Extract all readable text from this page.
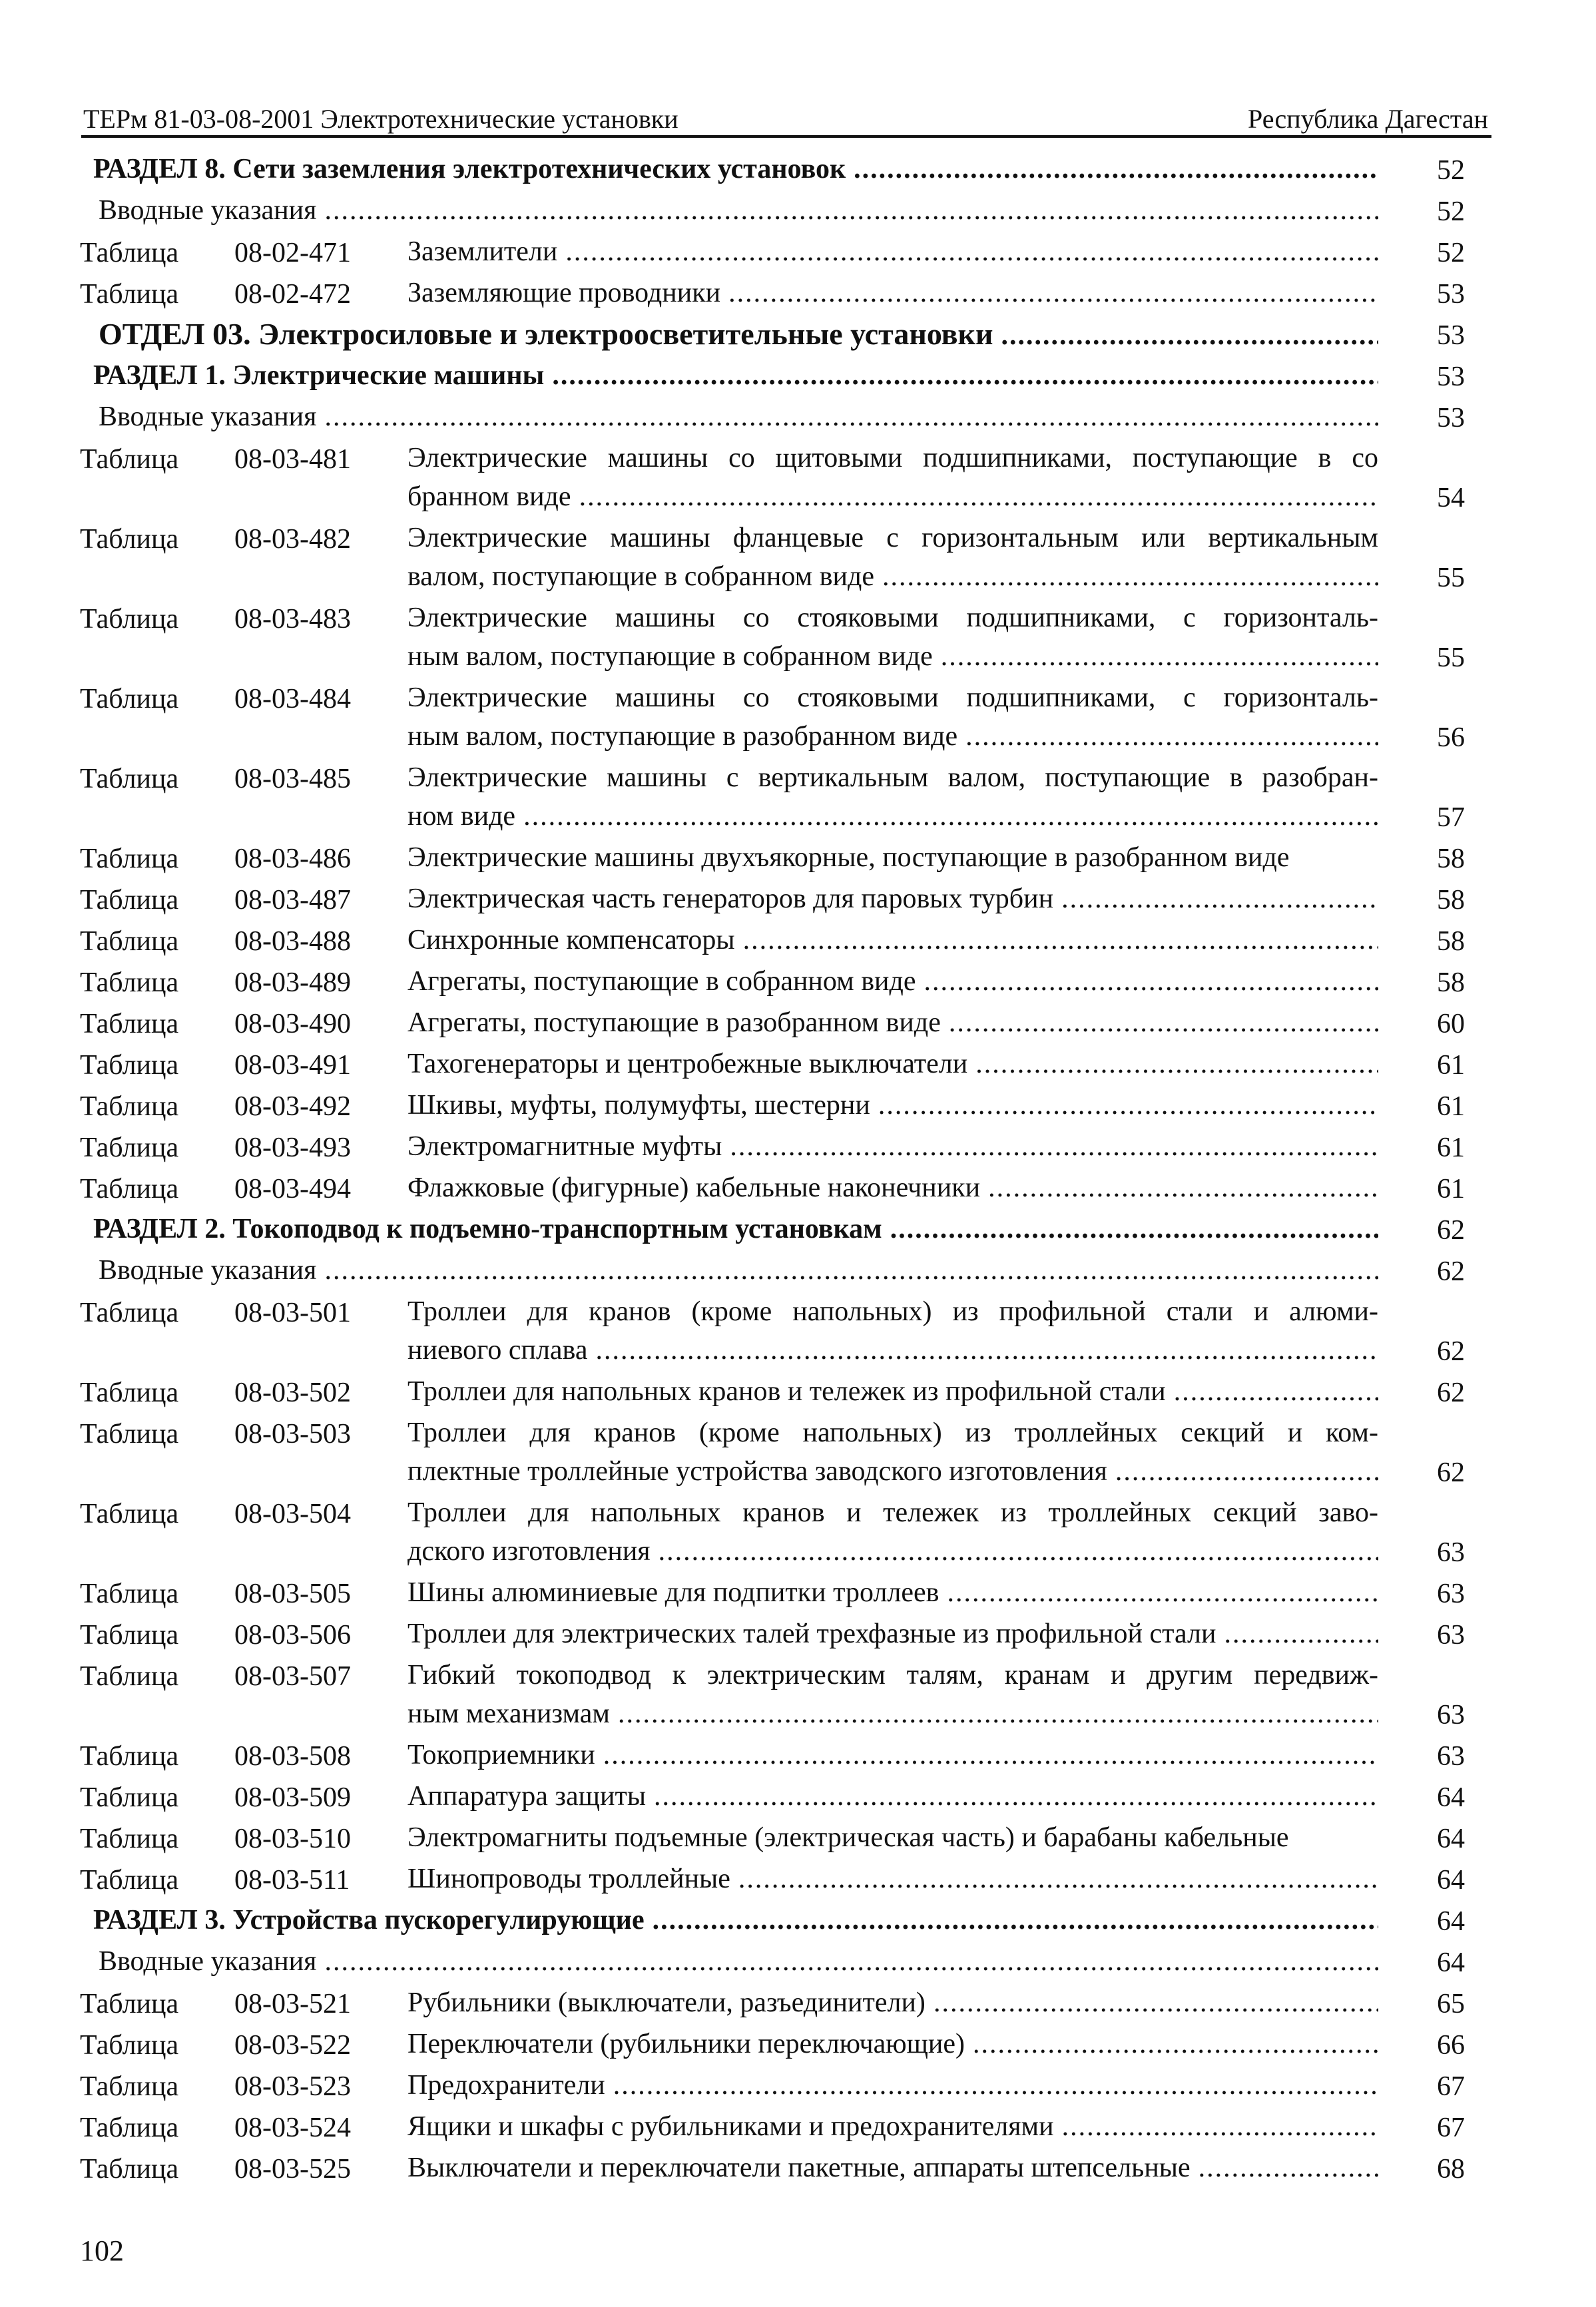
ТЕРм 81-03-08-2001 Электротехнические установки	Республика Дагестан
РАЗДЕЛ 8. Сети заземления электротехнических установок .....	52
Вводные указания .....	52
Таблица 08-02-471 Заземлители .....	52
Таблица 08-02-472 Заземляющие проводники .....	53
ОТДЕЛ 03. Электросиловые и электроосветительные установки .....	53
РАЗДЕЛ 1. Электрические машины .....	53
Вводные указания .....	53
Таблица 08-03-481 Электрические машины со щитовыми подшипниками, поступающие в со
бранном виде .....	54
Таблица 08-03-482 Электрические машины фланцевые с горизонтальным или вертикальным
валом, поступающие в собранном виде .....	55
Таблица 08-03-483 Электрические машины со стояковыми подшипниками, с горизонталь-
ным валом, поступающие в собранном виде .....	55
Таблица 08-03-484 Электрические машины со стояковыми подшипниками, с горизонталь-
ным валом, поступающие в разобранном виде .....	56
Таблица 08-03-485 Электрические машины с вертикальным валом, поступающие в разобран-
ном виде .....	57
Таблица 08-03-486 Электрические машины двухъякорные, поступающие в разобранном виде	58
Таблица 08-03-487 Электрическая часть генераторов для паровых турбин .....	58
Таблица 08-03-488 Синхронные компенсаторы .....	58
Таблица 08-03-489 Агрегаты, поступающие в собранном виде .....	58
Таблица 08-03-490 Агрегаты, поступающие в разобранном виде .....	60
Таблица 08-03-491 Тахогенераторы и центробежные выключатели .....	61
Таблица 08-03-492 Шкивы, муфты, полумуфты, шестерни .....	61
Таблица 08-03-493 Электромагнитные муфты .....	61
Таблица 08-03-494 Флажковые (фигурные) кабельные наконечники .....	61
РАЗДЕЛ 2. Токоподвод к подъемно-транспортным установкам .....	62
Вводные указания .....	62
Таблица 08-03-501 Троллеи для кранов (кроме напольных) из профильной стали и алюми-
ниевого сплава .....	62
Таблица 08-03-502 Троллеи для напольных кранов и тележек из профильной стали .....	62
Таблица 08-03-503 Троллеи для кранов (кроме напольных) из троллейных секций и ком-
плектные троллейные устройства заводского изготовления .....	62
Таблица 08-03-504 Троллеи для напольных кранов и тележек из троллейных секций заво-
дского изготовления .....	63
Таблица 08-03-505 Шины алюминиевые для подпитки троллеев .....	63
Таблица 08-03-506 Троллеи для электрических талей трехфазные из профильной стали .....	63
Таблица 08-03-507 Гибкий токоподвод к электрическим талям, кранам и другим передвиж-
ным механизмам .....	63
Таблица 08-03-508 Токоприемники .....	63
Таблица 08-03-509 Аппаратура защиты .....	64
Таблица 08-03-510 Электромагниты подъемные (электрическая часть) и барабаны кабельные	64
Таблица 08-03-511 Шинопроводы троллейные .....	64
РАЗДЕЛ 3. Устройства пускорегулирующие .....	64
Вводные указания .....	64
Таблица 08-03-521 Рубильники (выключатели, разъединители) .....	65
Таблица 08-03-522 Переключатели (рубильники переключающие) .....	66
Таблица 08-03-523 Предохранители .....	67
Таблица 08-03-524 Ящики и шкафы с рубильниками и предохранителями .....	67
Таблица 08-03-525 Выключатели и переключатели пакетные, аппараты штепсельные .....	68
102
